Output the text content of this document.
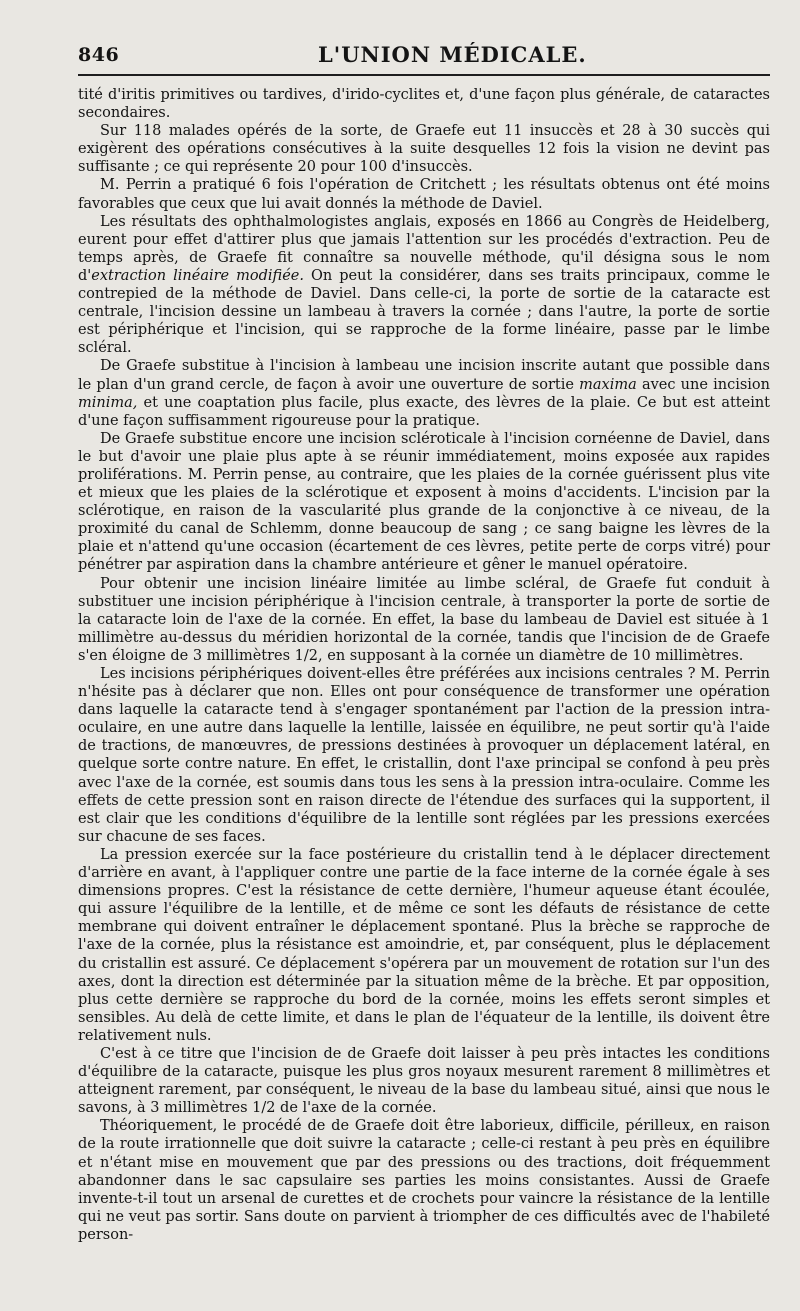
846	L'UNION MÉDICALE.

tité d'iritis primitives ou tardives, d'irido-cyclites et, d'une façon plus générale, de cataractes secondaires.

Sur 118 malades opérés de la sorte, de Graefe eut 11 insuccès et 28 à 30 succès qui exigèrent des opérations consécutives à la suite desquelles 12 fois la vision ne devint pas suffisante ; ce qui représente 20 pour 100 d'insuccès.

M. Perrin a pratiqué 6 fois l'opération de Critchett ; les résultats obtenus ont été moins favorables que ceux que lui avait donnés la méthode de Daviel.

Les résultats des ophthalmologistes anglais, exposés en 1866 au Congrès de Heidelberg, eurent pour effet d'attirer plus que jamais l'attention sur les procédés d'extraction. Peu de temps après, de Graefe fit connaître sa nouvelle méthode, qu'il désigna sous le nom d'extraction linéaire modifiée. On peut la considérer, dans ses traits principaux, comme le contrepied de la méthode de Daviel. Dans celle-ci, la porte de sortie de la cataracte est centrale, l'incision dessine un lambeau à travers la cornée ; dans l'autre, la porte de sortie est périphérique et l'incision, qui se rapproche de la forme linéaire, passe par le limbe scléral.

De Graefe substitue à l'incision à lambeau une incision inscrite autant que possible dans le plan d'un grand cercle, de façon à avoir une ouverture de sortie maxima avec une incision minima, et une coaptation plus facile, plus exacte, des lèvres de la plaie. Ce but est atteint d'une façon suffisamment rigoureuse pour la pratique.

De Graefe substitue encore une incision scléroticale à l'incision cornéenne de Daviel, dans le but d'avoir une plaie plus apte à se réunir immédiatement, moins exposée aux rapides proliférations. M. Perrin pense, au contraire, que les plaies de la cornée guérissent plus vite et mieux que les plaies de la sclérotique et exposent à moins d'accidents. L'incision par la sclérotique, en raison de la vascularité plus grande de la conjonctive à ce niveau, de la proximité du canal de Schlemm, donne beaucoup de sang ; ce sang baigne les lèvres de la plaie et n'attend qu'une occasion (écartement de ces lèvres, petite perte de corps vitré) pour pénétrer par aspiration dans la chambre antérieure et gêner le manuel opératoire.

Pour obtenir une incision linéaire limitée au limbe scléral, de Graefe fut conduit à substituer une incision périphérique à l'incision centrale, à transporter la porte de sortie de la cataracte loin de l'axe de la cornée. En effet, la base du lambeau de Daviel est située à 1 millimètre au-dessus du méridien horizontal de la cornée, tandis que l'incision de de Graefe s'en éloigne de 3 millimètres 1/2, en supposant à la cornée un diamètre de 10 millimètres.

Les incisions périphériques doivent-elles être préférées aux incisions centrales ? M. Perrin n'hésite pas à déclarer que non. Elles ont pour conséquence de transformer une opération dans laquelle la cataracte tend à s'engager spontanément par l'action de la pression intra-oculaire, en une autre dans laquelle la lentille, laissée en équilibre, ne peut sortir qu'à l'aide de tractions, de manœuvres, de pressions destinées à provoquer un déplacement latéral, en quelque sorte contre nature. En effet, le cristallin, dont l'axe principal se confond à peu près avec l'axe de la cornée, est soumis dans tous les sens à la pression intra-oculaire. Comme les effets de cette pression sont en raison directe de l'étendue des surfaces qui la supportent, il est clair que les conditions d'équilibre de la lentille sont réglées par les pressions exercées sur chacune de ses faces.

La pression exercée sur la face postérieure du cristallin tend à le déplacer directement d'arrière en avant, à l'appliquer contre une partie de la face interne de la cornée égale à ses dimensions propres. C'est la résistance de cette dernière, l'humeur aqueuse étant écoulée, qui assure l'équilibre de la lentille, et de même ce sont les défauts de résistance de cette membrane qui doivent entraîner le déplacement spontané. Plus la brèche se rapproche de l'axe de la cornée, plus la résistance est amoindrie, et, par conséquent, plus le déplacement du cristallin est assuré. Ce déplacement s'opérera par un mouvement de rotation sur l'un des axes, dont la direction est déterminée par la situation même de la brèche. Et par opposition, plus cette dernière se rapproche du bord de la cornée, moins les effets seront simples et sensibles. Au delà de cette limite, et dans le plan de l'équateur de la lentille, ils doivent être relativement nuls.

C'est à ce titre que l'incision de de Graefe doit laisser à peu près intactes les conditions d'équilibre de la cataracte, puisque les plus gros noyaux mesurent rarement 8 millimètres et atteignent rarement, par conséquent, le niveau de la base du lambeau situé, ainsi que nous le savons, à 3 millimètres 1/2 de l'axe de la cornée.

Théoriquement, le procédé de de Graefe doit être laborieux, difficile, périlleux, en raison de la route irrationnelle que doit suivre la cataracte ; celle-ci restant à peu près en équilibre et n'étant mise en mouvement que par des pressions ou des tractions, doit fréquemment abandonner dans le sac capsulaire ses parties les moins consistantes. Aussi de Graefe invente-t-il tout un arsenal de curettes et de crochets pour vaincre la résistance de la lentille qui ne veut pas sortir. Sans doute on parvient à triompher de ces difficultés avec de l'habileté person-
